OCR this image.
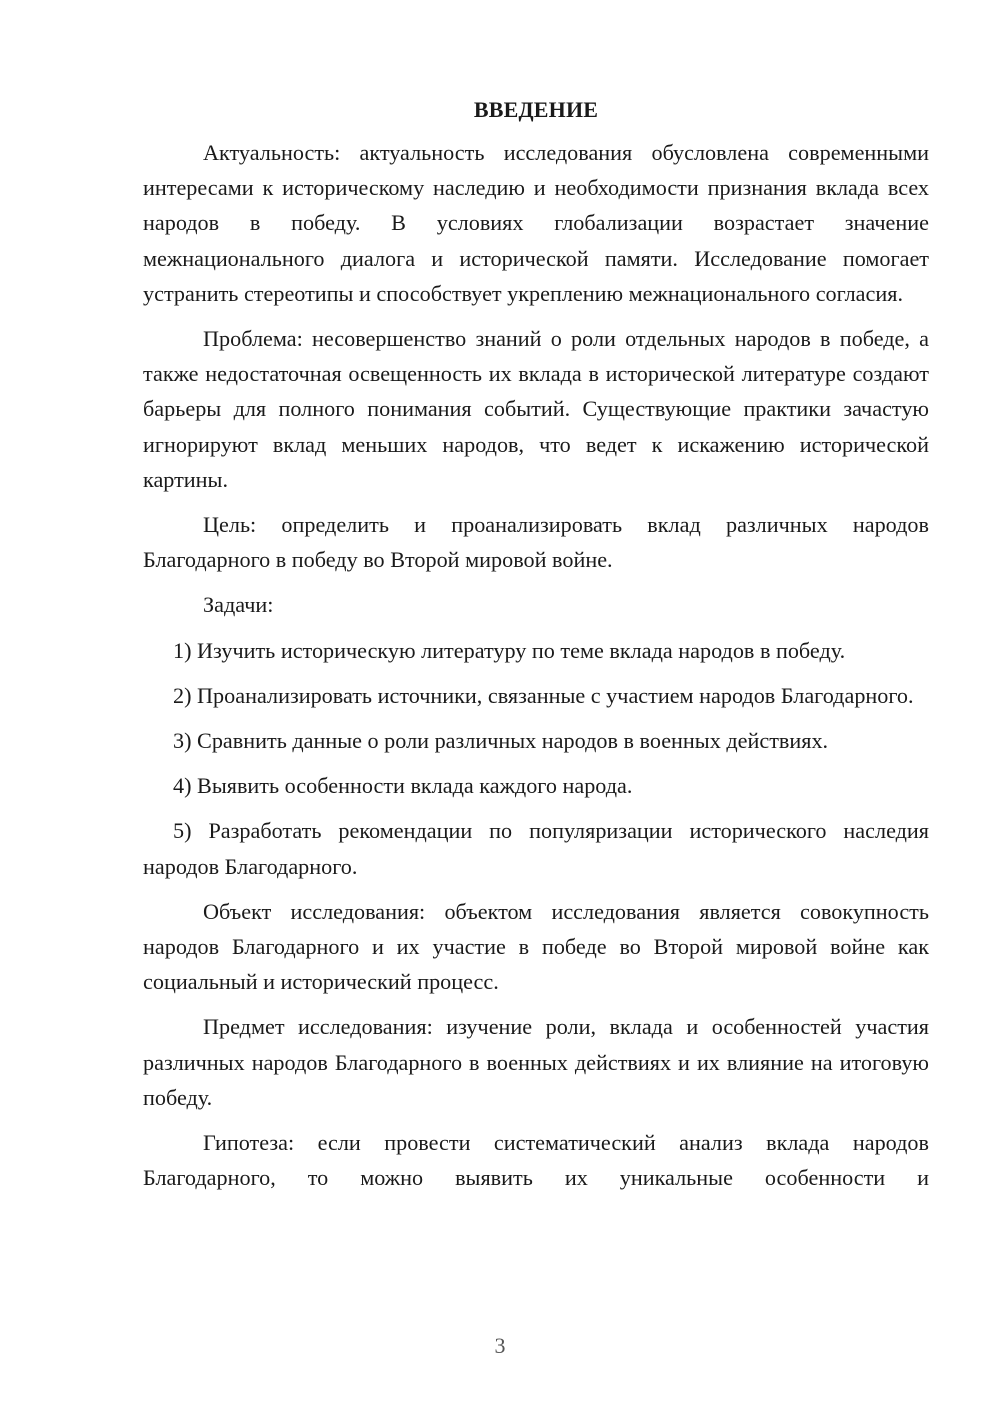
ВВЕДЕНИЕ

Актуальность: актуальность исследования обусловлена современными интересами к историческому наследию и необходимости признания вклада всех народов в победу. В условиях глобализации возрастает значение межнационального диалога и исторической памяти. Исследование помогает устранить стереотипы и способствует укреплению межнационального согласия.

Проблема: несовершенство знаний о роли отдельных народов в победе, а также недостаточная освещенность их вклада в исторической литературе создают барьеры для полного понимания событий. Существующие практики зачастую игнорируют вклад меньших народов, что ведет к искажению исторической картины.

Цель: определить и проанализировать вклад различных народов Благодарного в победу во Второй мировой войне.

Задачи:

1) Изучить историческую литературу по теме вклада народов в победу.

2) Проанализировать источники, связанные с участием народов Благодарного.

3) Сравнить данные о роли различных народов в военных действиях.

4) Выявить особенности вклада каждого народа.

5) Разработать рекомендации по популяризации исторического наследия народов Благодарного.

Объект исследования: объектом исследования является совокупность народов Благодарного и их участие в победе во Второй мировой войне как социальный и исторический процесс.

Предмет исследования: изучение роли, вклада и особенностей участия различных народов Благодарного в военных действиях и их влияние на итоговую победу.

Гипотеза: если провести систематический анализ вклада народов Благодарного, то можно выявить их уникальные особенности и

3
